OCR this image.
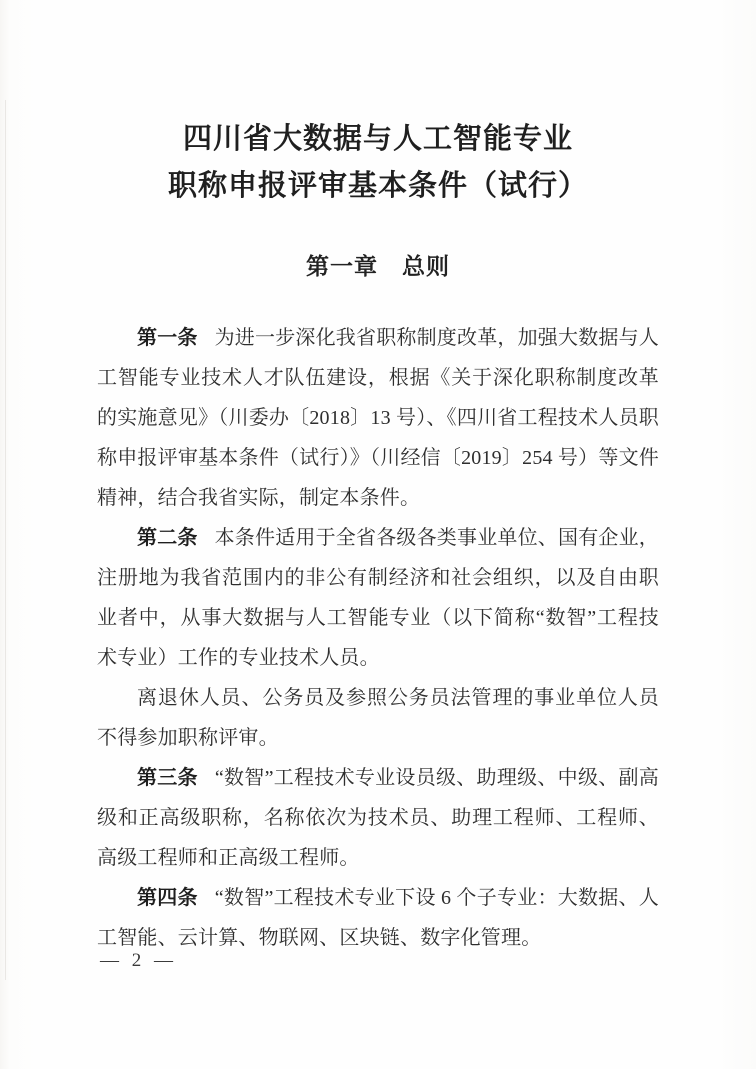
四川省大数据与人工智能专业
职称申报评审基本条件（试行）
第一章　总则

第一条 为进一步深化我省职称制度改革，加强大数据与人工智能专业技术人才队伍建设，根据《关于深化职称制度改革的实施意见》（川委办〔2018〕13 号）、《四川省工程技术人员职称申报评审基本条件（试行）》（川经信〔2019〕254 号）等文件精神，结合我省实际，制定本条件。

第二条 本条件适用于全省各级各类事业单位、国有企业，注册地为我省范围内的非公有制经济和社会组织，以及自由职业者中，从事大数据与人工智能专业（以下简称“数智”工程技术专业）工作的专业技术人员。

离退休人员、公务员及参照公务员法管理的事业单位人员不得参加职称评审。

第三条 “数智”工程技术专业设员级、助理级、中级、副高级和正高级职称，名称依次为技术员、助理工程师、工程师、高级工程师和正高级工程师。

第四条 “数智”工程技术专业下设 6 个子专业：大数据、人工智能、云计算、物联网、区块链、数字化管理。

— 2 —
